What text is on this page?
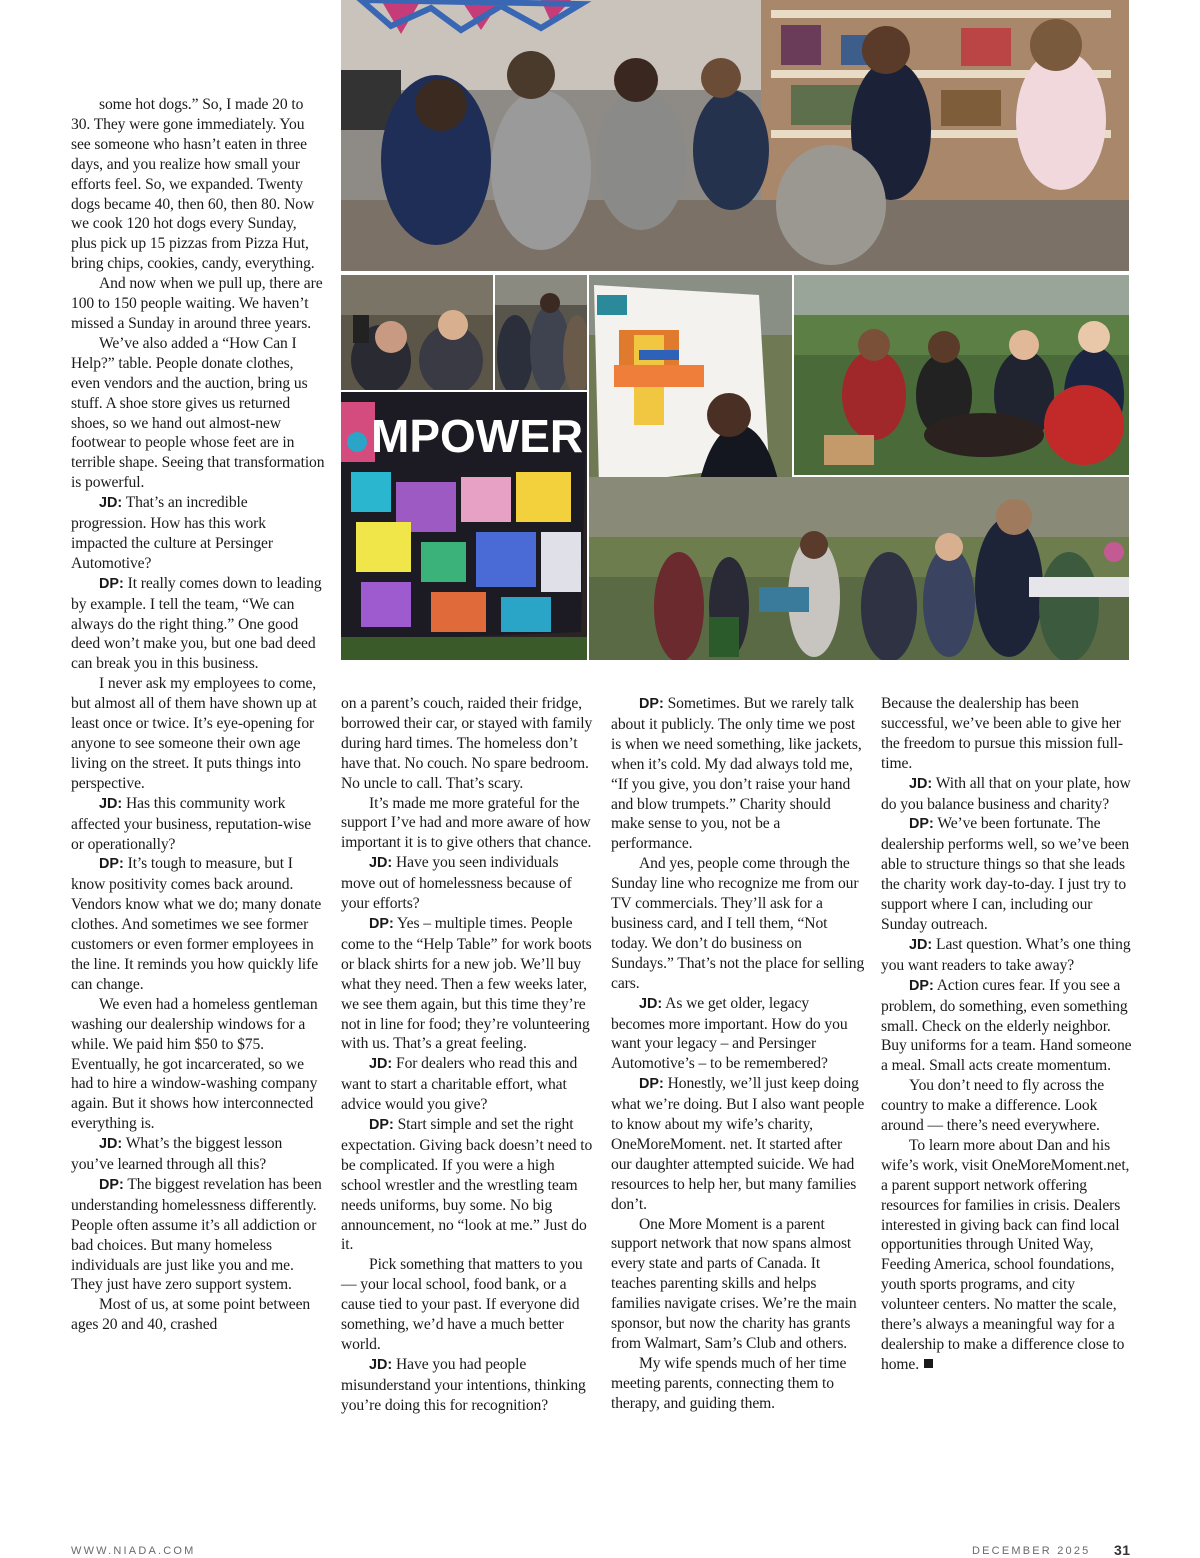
MPOWER

some hot dogs.” So, I made 20 to 30. They were gone immediately. You see someone who hasn’t eaten in three days, and you realize how small your efforts feel. So, we expanded. Twenty dogs became 40, then 60, then 80. Now we cook 120 hot dogs every Sunday, plus pick up 15 pizzas from Pizza Hut, bring chips, cookies, candy, everything.

And now when we pull up, there are 100 to 150 people waiting. We haven’t missed a Sunday in around three years.

We’ve also added a “How Can I Help?” table. People donate clothes, even vendors and the auction, bring us stuff. A shoe store gives us returned shoes, so we hand out almost-new footwear to people whose feet are in terrible shape. Seeing that transformation is powerful.

JD: That’s an incredible progression. How has this work impacted the culture at Persinger Automotive?

DP: It really comes down to leading by example. I tell the team, “We can always do the right thing.” One good deed won’t make you, but one bad deed can break you in this business.

I never ask my employees to come, but almost all of them have shown up at least once or twice. It’s eye-opening for anyone to see someone their own age living on the street. It puts things into perspective.

JD: Has this community work affected your business, reputation-wise or operationally?

DP: It’s tough to measure, but I know positivity comes back around. Vendors know what we do; many donate clothes. And sometimes we see former customers or even former employees in the line. It reminds you how quickly life can change.

We even had a homeless gentleman washing our dealership windows for a while. We paid him $50 to $75. Eventually, he got incarcerated, so we had to hire a window-washing company again. But it shows how interconnected everything is.

JD: What’s the biggest lesson you’ve learned through all this?

DP: The biggest revelation has been understanding homelessness differently. People often assume it’s all addiction or bad choices. But many homeless individuals are just like you and me. They just have zero support system.

Most of us, at some point between ages 20 and 40, crashed

on a parent’s couch, raided their fridge, borrowed their car, or stayed with family during hard times. The homeless don’t have that. No couch. No spare bedroom. No uncle to call. That’s scary.

It’s made me more grateful for the support I’ve had and more aware of how important it is to give others that chance.

JD: Have you seen individuals move out of homelessness because of your efforts?

DP: Yes – multiple times. People come to the “Help Table” for work boots or black shirts for a new job. We’ll buy what they need. Then a few weeks later, we see them again, but this time they’re not in line for food; they’re volunteering with us. That’s a great feeling.

JD: For dealers who read this and want to start a charitable effort, what advice would you give?

DP: Start simple and set the right expectation. Giving back doesn’t need to be complicated. If you were a high school wrestler and the wrestling team needs uniforms, buy some. No big announcement, no “look at me.” Just do it.

Pick something that matters to you — your local school, food bank, or a cause tied to your past. If everyone did something, we’d have a much better world.

JD: Have you had people misunderstand your intentions, thinking you’re doing this for recognition?

DP: Sometimes. But we rarely talk about it publicly. The only time we post is when we need something, like jackets, when it’s cold. My dad always told me, “If you give, you don’t raise your hand and blow trumpets.” Charity should make sense to you, not be a performance.

And yes, people come through the Sunday line who recognize me from our TV commercials. They’ll ask for a business card, and I tell them, “Not today. We don’t do business on Sundays.” That’s not the place for selling cars.

JD: As we get older, legacy becomes more important. How do you want your legacy – and Persinger Automotive’s – to be remembered?

DP: Honestly, we’ll just keep doing what we’re doing. But I also want people to know about my wife’s charity, OneMoreMoment. net. It started after our daughter attempted suicide. We had resources to help her, but many families don’t.

One More Moment is a parent support network that now spans almost every state and parts of Canada. It teaches parenting skills and helps families navigate crises. We’re the main sponsor, but now the charity has grants from Walmart, Sam’s Club and others.

My wife spends much of her time meeting parents, connecting them to therapy, and guiding them.

Because the dealership has been successful, we’ve been able to give her the freedom to pursue this mission full-time.

JD: With all that on your plate, how do you balance business and charity?

DP: We’ve been fortunate. The dealership performs well, so we’ve been able to structure things so that she leads the charity work day-to-day. I just try to support where I can, including our Sunday outreach.

JD: Last question. What’s one thing you want readers to take away?

DP: Action cures fear. If you see a problem, do something, even something small. Check on the elderly neighbor. Buy uniforms for a team. Hand someone a meal. Small acts create momentum.

You don’t need to fly across the country to make a difference. Look around — there’s need everywhere.

To learn more about Dan and his wife’s work, visit OneMoreMoment.net, a parent support network offering resources for families in crisis. Dealers interested in giving back can find local opportunities through United Way, Feeding America, school foundations, youth sports programs, and city volunteer centers. No matter the scale, there’s always a meaningful way for a dealership to make a difference close to home.

WWW.NIADA.COM	DECEMBER 2025 31
